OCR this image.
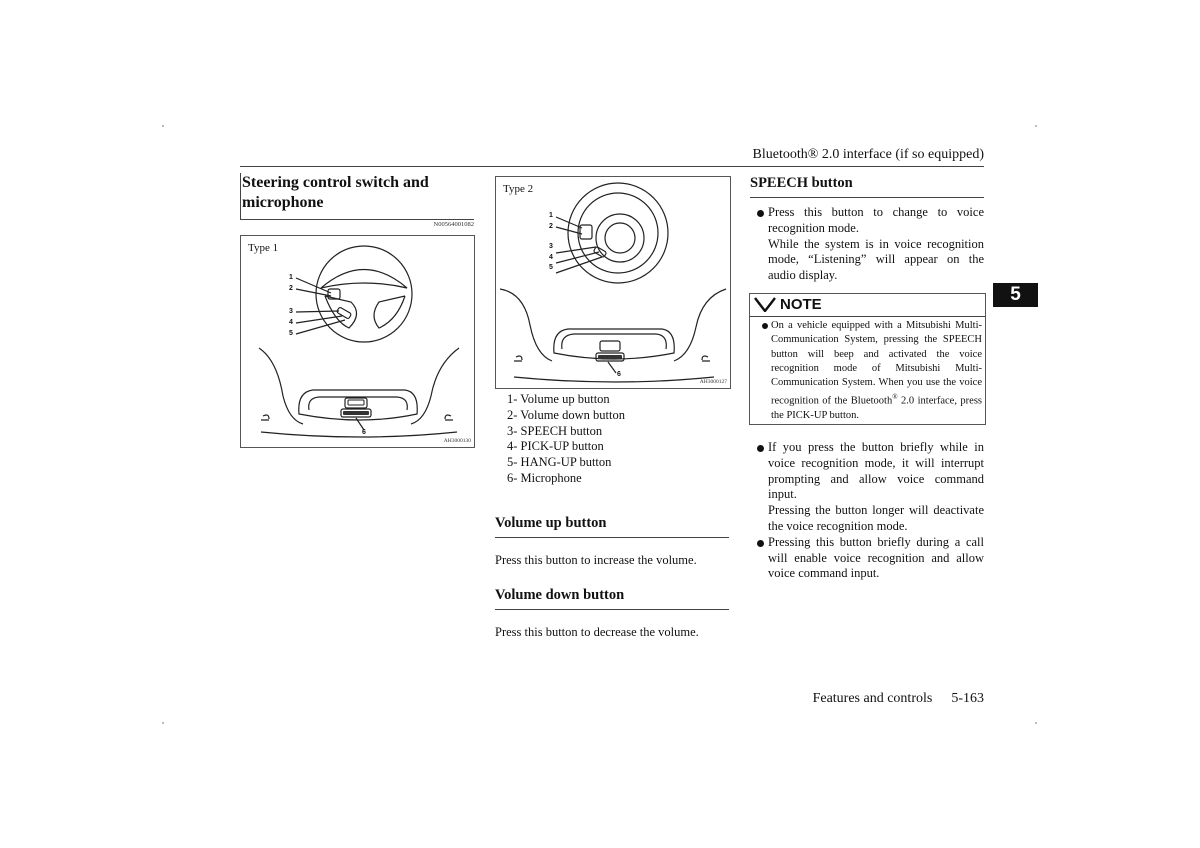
Bluetooth® 2.0 interface (if so equipped)
5
Steering control switch and
microphone
N00564001082
Type 1
1
2
3
4
5
6
AH3000130
Type 2
1
2
3
4
5
6
AH3000127
1- Volume up button
2- Volume down button
3- SPEECH button
4- PICK-UP button
5- HANG-UP button
6- Microphone
Volume up button
Press this button to increase the volume.
Volume down button
Press this button to decrease the volume.
SPEECH button
Press this button to change to voice recognition mode.
While the system is in voice recognition mode, “Listening” will appear on the audio display.
NOTE
On a vehicle equipped with a Mitsubishi Multi-Communication System, pressing the SPEECH button will beep and activated the voice recognition mode of Mitsubishi Multi-Communication System. When you use the voice recognition of the Bluetooth® 2.0 interface, press the PICK-UP button.
If you press the button briefly while in voice recognition mode, it will interrupt prompting and allow voice command input.
Pressing the button longer will deactivate the voice recognition mode.
Pressing this button briefly during a call will enable voice recognition and allow voice command input.
Features and controls 5-163
